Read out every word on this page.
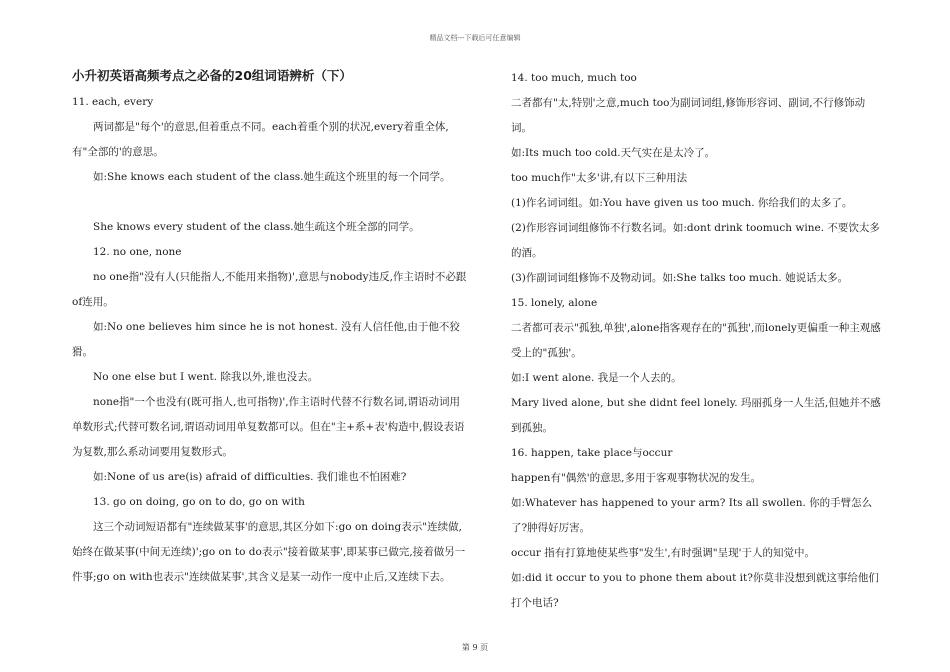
精品文档---下载后可任意编辑
小升初英语高频考点之必备的20组词语辨析（下）

11. each, every

两词都是"每个'的意思,但着重点不同。each着重个别的状况,every着重全体,有"全部的'的意思。

如:She knows each student of the class.她生疏这个班里的每一个同学。

She knows every student of the class.她生疏这个班全部的同学。

12. no one, none

no one指"没有人(只能指人,不能用来指物)',意思与nobody违反,作主语时不必跟of连用。

如:No one believes him since he is not honest. 没有人信任他,由于他不狡猾。

No one else but I went. 除我以外,谁也没去。

none指"一个也没有(既可指人,也可指物)',作主语时代替不行数名词,谓语动词用单数形式;代替可数名词,谓语动词用单复数都可以。但在"主+系+表'构造中,假设表语为复数,那么系动词要用复数形式。

如:None of us are(is) afraid of difficulties. 我们谁也不怕困难?

13. go on doing, go on to do, go on with

这三个动词短语都有"连续做某事'的意思,其区分如下:go on doing表示"连续做,始终在做某事(中间无连续)';go on to do表示"接着做某事',即某事已做完,接着做另一件事;go on with也表示"连续做某事',其含义是某一动作一度中止后,又连续下去。

14. too much, much too

二者都有"太,特别'之意,much too为副词词组,修饰形容词、副词,不行修饰动词。

如:Its much too cold.天气实在是太冷了。

too much作"太多'讲,有以下三种用法

(1)作名词词组。如:You have given us too much. 你给我们的太多了。

(2)作形容词词组修饰不行数名词。如:dont drink toomuch wine. 不要饮太多的酒。

(3)作副词词组修饰不及物动词。如:She talks too much. 她说话太多。

15. lonely, alone

二者都可表示"孤独,单独',alone指客观存在的"孤独',而lonely更偏重一种主观感受上的"孤独'。

如:I went alone. 我是一个人去的。

Mary lived alone, but she didnt feel lonely. 玛丽孤身一人生活,但她并不感到孤独。

16. happen, take place与occur

happen有"偶然'的意思,多用于客观事物状况的发生。

如:Whatever has happened to your arm? Its all swollen. 你的手臂怎么了?肿得好厉害。

occur 指有打算地使某些事"发生',有时强调"呈现'于人的知觉中。

如:did it occur to you to phone them about it?你莫非没想到就这事给他们打个电话?

第 9 页
